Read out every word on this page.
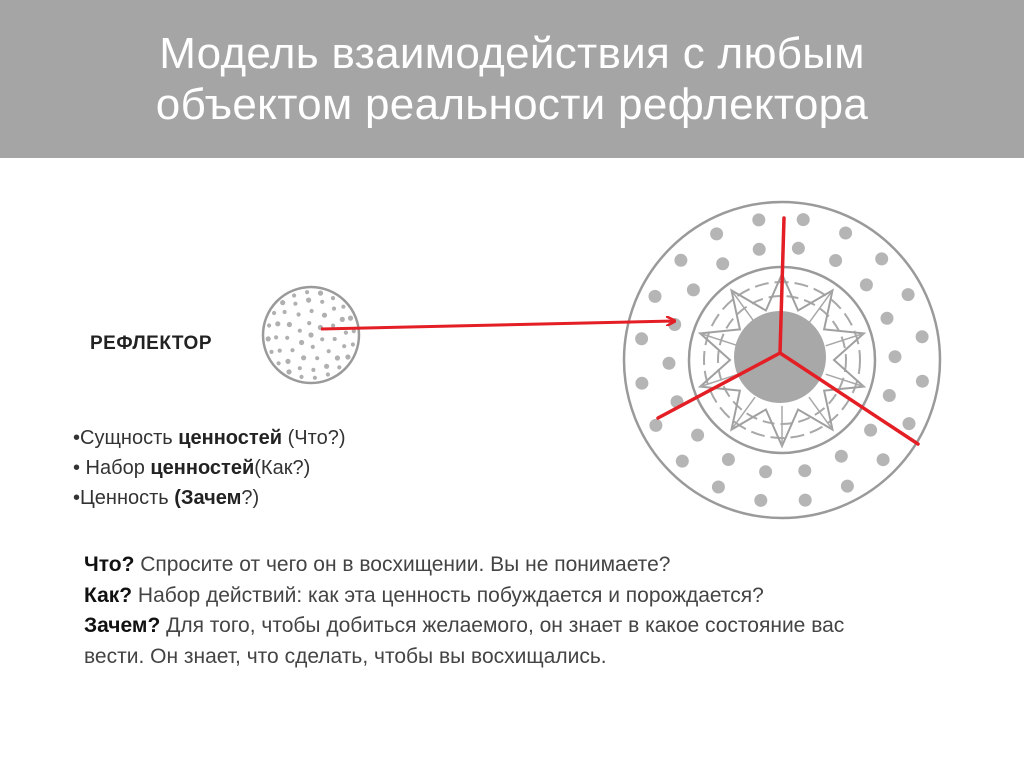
Модель взаимодействия с любым
объектом реальности рефлектора
РЕФЛЕКТОР
•Сущность ценностей (Что?)
• Набор ценностей(Как?)
•Ценность (Зачем?)

Что? Спросите от чего он в восхищении. Вы не понимаете?

Как? Набор действий: как эта ценность побуждается и порождается?

Зачем? Для того, чтобы добиться желаемого, он знает в какое состояние вас вести. Он знает, что сделать, чтобы вы восхищались.
